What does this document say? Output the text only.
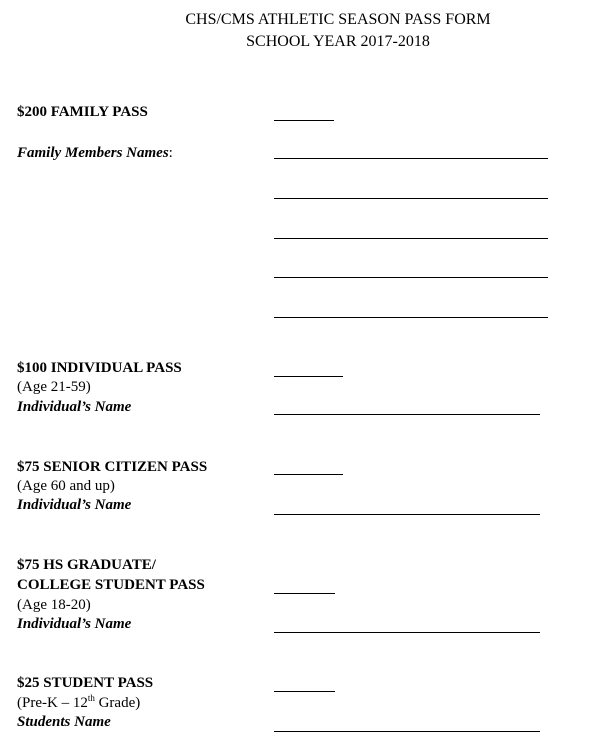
CHS/CMS ATHLETIC SEASON PASS FORM
SCHOOL YEAR 2017-2018
$200 FAMILY PASS
Family Members Names:
$100 INDIVIDUAL PASS
(Age 21-59)
Individual’s Name
$75 SENIOR CITIZEN PASS
(Age 60 and up)
Individual’s Name
$75 HS GRADUATE/
COLLEGE STUDENT PASS
(Age 18-20)
Individual’s Name
$25 STUDENT PASS
(Pre-K – 12th Grade)
Students Name
